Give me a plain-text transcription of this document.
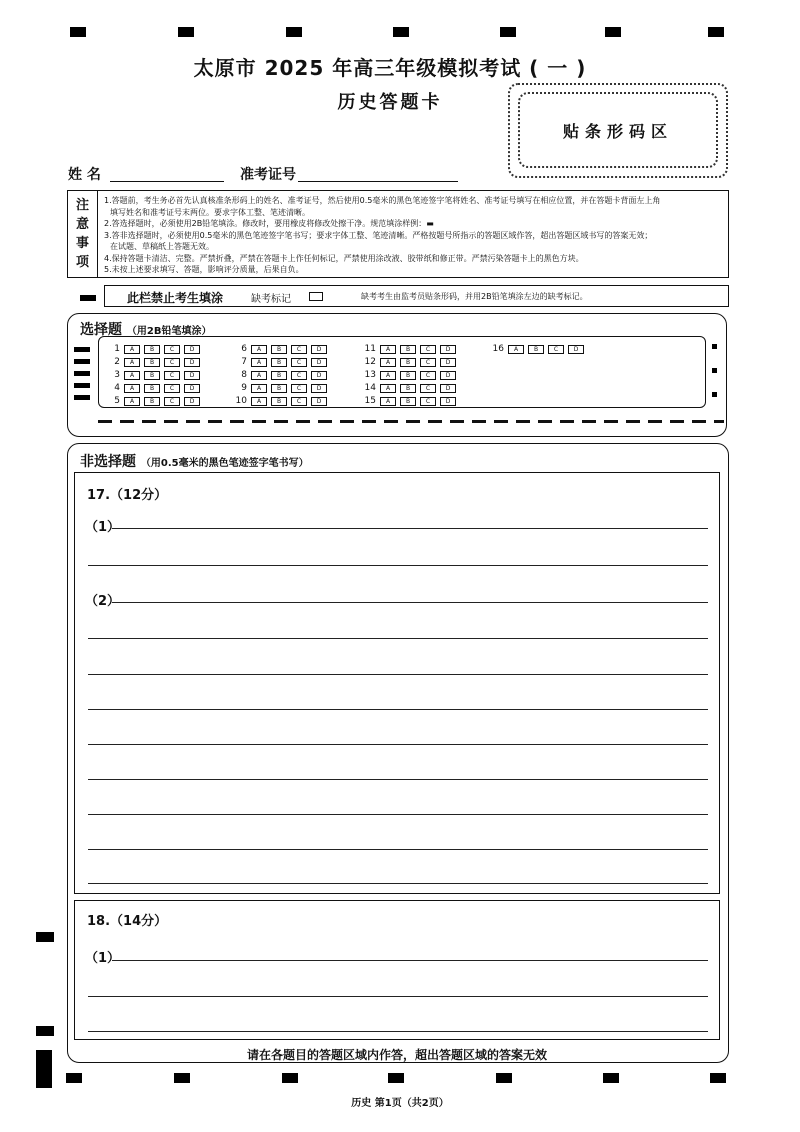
太原市 2025 年高三年级模拟考试 ( 一 )
历史答题卡
贴条形码区
姓 名	准考证号
注
意
事
项
1.答题前，考生务必首先认真核准条形码上的姓名、准考证号，然后使用0.5毫米的黑色笔迹签字笔将姓名、准考证号填写在相应位置，并在答题卡背面左上角
填写姓名和准考证号末两位。要求字体工整、笔迹清晰。
2.答选择题时，必须使用2B铅笔填涂。修改时，要用橡皮将修改处擦干净。规范填涂样例：▬
3.答非选择题时，必须使用0.5毫米的黑色笔迹签字笔书写；要求字体工整、笔迹清晰。严格按题号所指示的答题区域作答，超出答题区域书写的答案无效；
在试题、草稿纸上答题无效。
4.保持答题卡清洁、完整。严禁折叠，严禁在答题卡上作任何标记，严禁使用涂改液、胶带纸和修正带。严禁污染答题卡上的黑色方块。
5.未按上述要求填写、答题，影响评分质量，后果自负。
此栏禁止考生填涂	缺考标记	缺考考生由监考员贴条形码，并用2B铅笔填涂左边的缺考标记。
选择题 （用2B铅笔填涂）
1	A	B	C	D
2	A	B	C	D
3	A	B	C	D
4	A	B	C	D
5	A	B	C	D
6	A	B	C	D
7	A	B	C	D
8	A	B	C	D
9	A	B	C	D
10	A	B	C	D
11	A	B	C	D
12	A	B	C	D
13	A	B	C	D
14	A	B	C	D
15	A	B	C	D
16	A	B	C	D
非选择题 （用0.5毫米的黑色笔迹签字笔书写）
17.（12分）
（1）
（2）
18.（14分）
（1）
请在各题目的答题区域内作答，超出答题区域的答案无效
历史 第1页（共2页）
